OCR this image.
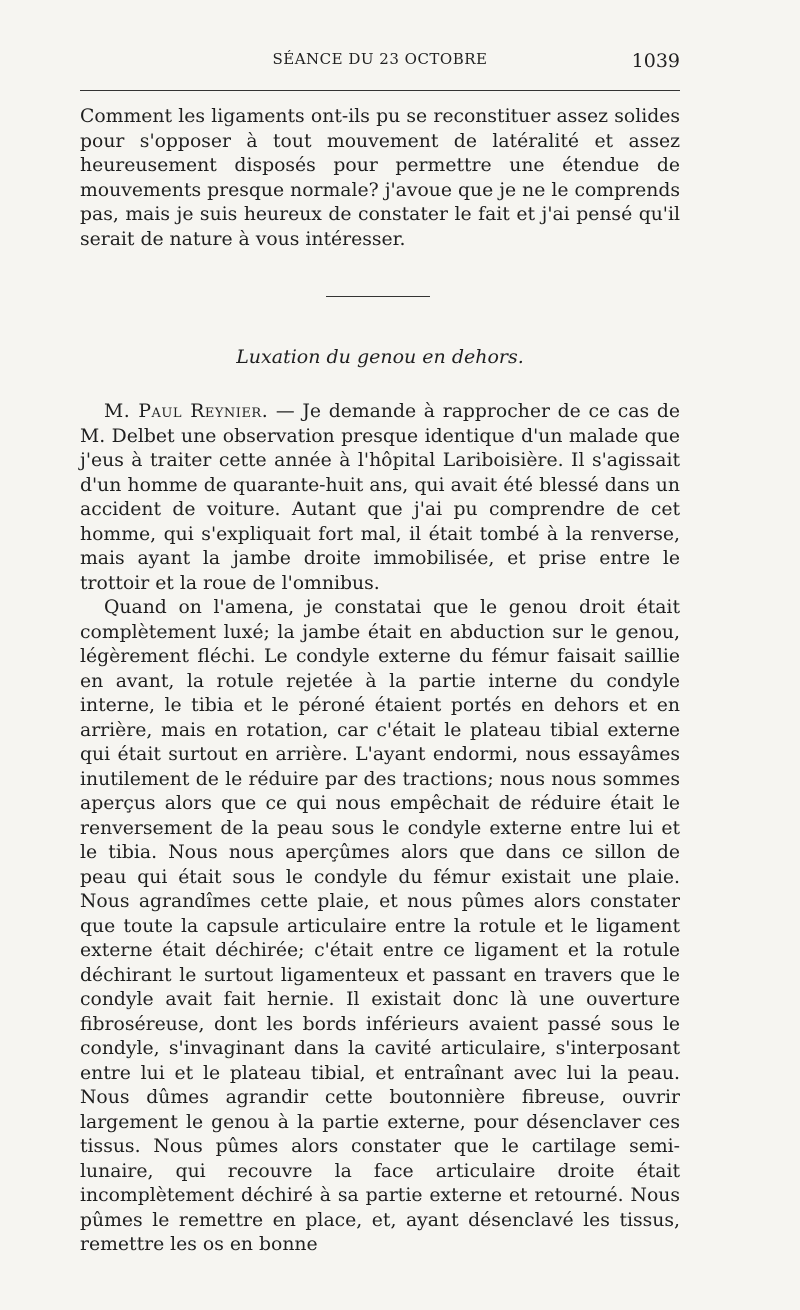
SÉANCE DU 23 OCTOBRE	1039
Comment les ligaments ont-ils pu se reconstituer assez solides pour s'opposer à tout mouvement de latéralité et assez heureusement disposés pour permettre une étendue de mouvements presque normale? j'avoue que je ne le comprends pas, mais je suis heureux de constater le fait et j'ai pensé qu'il serait de nature à vous intéresser.
Luxation du genou en dehors.

M. Paul Reynier. — Je demande à rapprocher de ce cas de M. Delbet une observation presque identique d'un malade que j'eus à traiter cette année à l'hôpital Lariboisière. Il s'agissait d'un homme de quarante-huit ans, qui avait été blessé dans un accident de voiture. Autant que j'ai pu comprendre de cet homme, qui s'expliquait fort mal, il était tombé à la renverse, mais ayant la jambe droite immobilisée, et prise entre le trottoir et la roue de l'omnibus.

Quand on l'amena, je constatai que le genou droit était complètement luxé; la jambe était en abduction sur le genou, légèrement fléchi. Le condyle externe du fémur faisait saillie en avant, la rotule rejetée à la partie interne du condyle interne, le tibia et le péroné étaient portés en dehors et en arrière, mais en rotation, car c'était le plateau tibial externe qui était surtout en arrière. L'ayant endormi, nous essayâmes inutilement de le réduire par des tractions; nous nous sommes aperçus alors que ce qui nous empêchait de réduire était le renversement de la peau sous le condyle externe entre lui et le tibia. Nous nous aperçûmes alors que dans ce sillon de peau qui était sous le condyle du fémur existait une plaie. Nous agrandîmes cette plaie, et nous pûmes alors constater que toute la capsule articulaire entre la rotule et le ligament externe était déchirée; c'était entre ce ligament et la rotule déchirant le surtout ligamenteux et passant en travers que le condyle avait fait hernie. Il existait donc là une ouverture fibroséreuse, dont les bords inférieurs avaient passé sous le condyle, s'invaginant dans la cavité articulaire, s'interposant entre lui et le plateau tibial, et entraînant avec lui la peau. Nous dûmes agrandir cette boutonnière fibreuse, ouvrir largement le genou à la partie externe, pour désenclaver ces tissus. Nous pûmes alors constater que le cartilage semi-lunaire, qui recouvre la face articulaire droite était incomplètement déchiré à sa partie externe et retourné. Nous pûmes le remettre en place, et, ayant désenclavé les tissus, remettre les os en bonne
